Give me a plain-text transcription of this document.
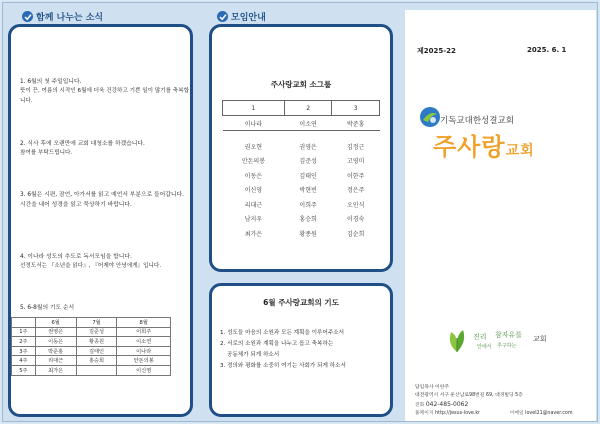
함께 나누는 소식
1. 6월의 첫 주일입니다.
뜻이 끈, 여름의 시작인 6월에 더욱 건강하고 기쁜 일이 많기를 축복합니다.
2. 식사 후에 오랜만에 교회 대청소를 하겠습니다.
참여를 부탁드립니다.
3. 6월은 시편, 잠언, 아가서를 읽고 예언서 부분으로 들어갑니다. 시간을 내어 성경을 읽고 묵상하기 바랍니다.
4. 이나라 성도의 추도로 독서모임을 합니다.
선정도서는 『소년을 읽다』, 『어제야 안녕에게』입니다.
5. 6-8월의 기도 순서
	6월	7월	8월
1주	권영은	김준성	이희주
2주	이동은	황종원	이소연
3주	박준홍	김태인	이나라
4주	리대근	홍승희	안돈의봉
5주	최가은		이신영
모임안내
주사랑교회 소그룹
1	2	3
이나라	이소연	박준홍

권오현	권영은	김정근
안돈의봉	김준성	고영미
이동은	김태인	이한주
이신영	박현빈	정은주
리대근	이희주	오인식
남지우	홍승희	이경숙
최가은	황종원	김순희
6월 주사랑교회의 기도
1. 성도들 마음의 소원과 모든 계획을 이루어주소서
2. 서로의 소원과 계획을 나누고 돕고 축복하는
공동체가 되게 하소서
3. 정의와 평화를 소중히 여기는 사회가 되게 하소서
제2025-22	2025. 6. 1
기독교대한성결교회
주사랑교회
진리
안에서
참자유를
추구하는
교회
담임목사 이한주
대전광역시 서구 둔산남로98번길 69, 대경빌딩 5층
전화 042-485-0062
홈페이지 http://jesus-love.kr	이메일 lovel21@naver.com
